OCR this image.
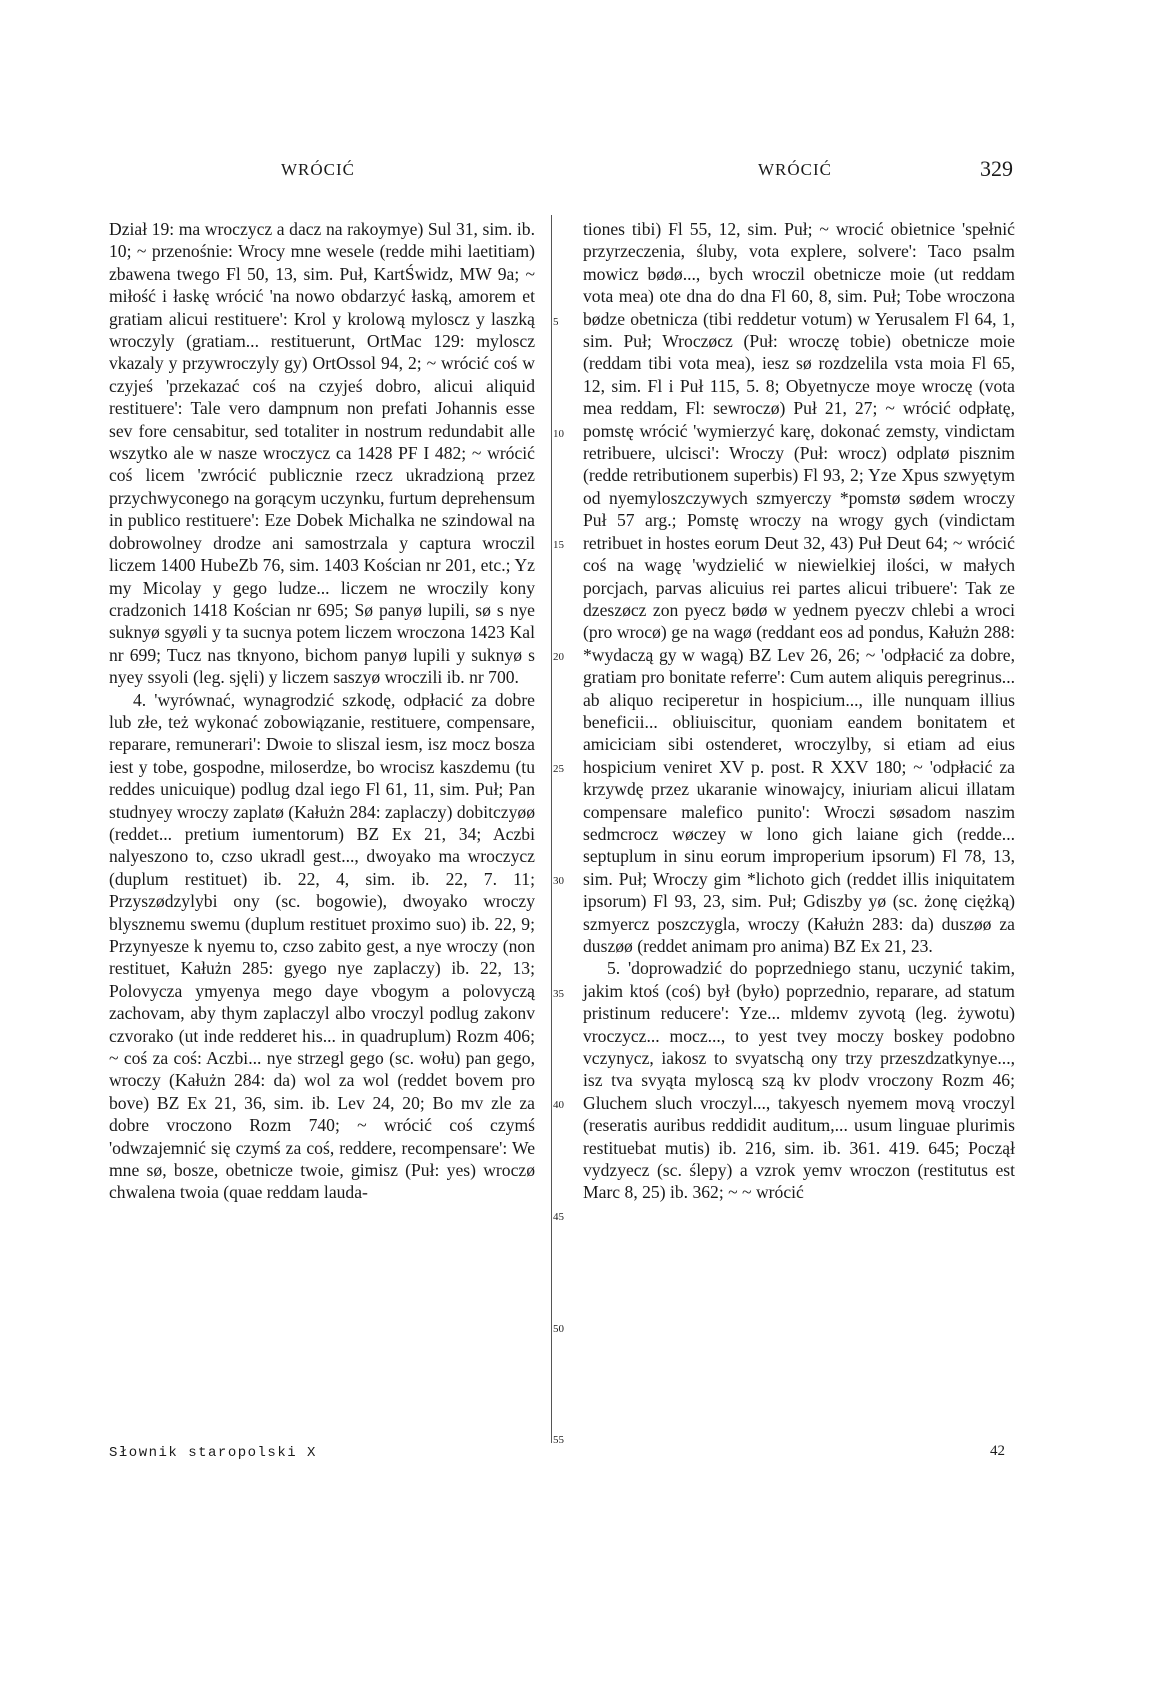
WRÓCIĆ	WRÓCIĆ	329

Dział 19: ma wroczycz a dacz na rakoymye) Sul 31, sim. ib. 10; ~ przenośnie: Wrocy mne wesele (redde mihi laetitiam) zbawena twego Fl 50, 13, sim. Puł, KartŚwidz, MW 9a; ~ miłość i łaskę wrócić 'na nowo obdarzyć łaską, amorem et gratiam alicui restituere': Krol y krolową myloscz y laszką wroczyly (gratiam... restituerunt, OrtMac 129: myloscz vkazaly y przywroczyly gy) OrtOssol 94, 2; ~ wrócić coś w czyjeś 'przekazać coś na czyjeś dobro, alicui aliquid restituere': Tale vero dampnum non prefati Johannis esse sev fore censabitur, sed totaliter in nostrum redundabit alle wszytko ale w nasze wroczycz ca 1428 PF I 482; ~ wrócić coś licem 'zwrócić publicznie rzecz ukradzioną przez przychwyconego na gorącym uczynku, furtum deprehensum in publico restituere': Eze Dobek Michalka ne szindowal na dobrowolney drodze ani samostrzala y captura wroczil liczem 1400 HubeZb 76, sim. 1403 Kościan nr 201, etc.; Yz my Micolay y gego ludze... liczem ne wroczily kony cradzonich 1418 Kościan nr 695; Sø panyø lupili, sø s nye suknyø sgyøli y ta sucnya potem liczem wroczona 1423 Kal nr 699; Tucz nas tknyono, bichom panyø lupili y suknyø s nyey ssyoli (leg. sjęli) y liczem saszyø wroczili ib. nr 700.

4. 'wyrównać, wynagrodzić szkodę, odpłacić za dobre lub złe, też wykonać zobowiązanie, restituere, compensare, reparare, remunerari': Dwoie to sliszal iesm, isz mocz bosza iest y tobe, gospodne, miloserdze, bo wrocisz kaszdemu (tu reddes unicuique) podlug dzal iego Fl 61, 11, sim. Puł; Pan studnyey wroczy zaplatø (Kałużn 284: zaplaczy) dobitczyøø (reddet... pretium iumentorum) BZ Ex 21, 34; Aczbi nalyeszono to, czso ukradl gest..., dwoyako ma wroczycz (duplum restituet) ib. 22, 4, sim. ib. 22, 7. 11; Przyszødzylybi ony (sc. bogowie), dwoyako wroczy blysznemu swemu (duplum restituet proximo suo) ib. 22, 9; Przynyesze k nyemu to, czso zabito gest, a nye wroczy (non restituet, Kałużn 285: gyego nye zaplaczy) ib. 22, 13; Polovycza ymyenya mego daye vbogym a polovyczą zachovam, aby thym zaplaczyl albo vroczyl podlug zakonv czvorako (ut inde redderet his... in quadruplum) Rozm 406; ~ coś za coś: Aczbi... nye strzegl gego (sc. wołu) pan gego, wroczy (Kałużn 284: da) wol za wol (reddet bovem pro bove) BZ Ex 21, 36, sim. ib. Lev 24, 20; Bo mv zle za dobre vroczono Rozm 740; ~ wrócić coś czymś 'odwzajemnić się czymś za coś, reddere, recompensare': We mne sø, bosze, obetnicze twoie, gimisz (Puł: yes) wroczø chwalena twoia (quae reddam lauda-

5
10
15
20
25
30
35
40
45
50
55

tiones tibi) Fl 55, 12, sim. Puł; ~ wrocić obietnice 'spełnić przyrzeczenia, śluby, vota explere, solvere': Taco psalm mowicz bødø..., bych wroczil obetnicze moie (ut reddam vota mea) ote dna do dna Fl 60, 8, sim. Puł; Tobe wroczona bødze obetnicza (tibi reddetur votum) w Yerusalem Fl 64, 1, sim. Puł; Wroczøcz (Puł: wroczę tobie) obetnicze moie (reddam tibi vota mea), iesz sø rozdzelila vsta moia Fl 65, 12, sim. Fl i Puł 115, 5. 8; Obyetnycze moye wroczę (vota mea reddam, Fl: sewroczø) Puł 21, 27; ~ wrócić odpłatę, pomstę wrócić 'wymierzyć karę, dokonać zemsty, vindictam retribuere, ulcisci': Wroczy (Puł: wrocz) odplatø pisznim (redde retributionem superbis) Fl 93, 2; Yze Xpus szwyętym od nyemyloszczywych szmyerczy *pomstø sødem wroczy Puł 57 arg.; Pomstę wroczy na wrogy gych (vindictam retribuet in hostes eorum Deut 32, 43) Puł Deut 64; ~ wrócić coś na wagę 'wydzielić w niewielkiej ilości, w małych porcjach, parvas alicuius rei partes alicui tribuere': Tak ze dzeszøcz zon pyecz bødø w yednem pyeczv chlebi a wroci (pro wrocø) ge na wagø (reddant eos ad pondus, Kałużn 288: *wydaczą gy w wagą) BZ Lev 26, 26; ~ 'odpłacić za dobre, gratiam pro bonitate referre': Cum autem aliquis peregrinus... ab aliquo reciperetur in hospicium..., ille nunquam illius beneficii... obliuiscitur, quoniam eandem bonitatem et amiciciam sibi ostenderet, wroczylby, si etiam ad eius hospicium veniret XV p. post. R XXV 180; ~ 'odpłacić za krzywdę przez ukaranie winowajcy, iniuriam alicui illatam compensare malefico punito': Wroczi søsadom naszim sedmcrocz wøczey w lono gich laiane gich (redde... septuplum in sinu eorum improperium ipsorum) Fl 78, 13, sim. Puł; Wroczy gim *lichoto gich (reddet illis iniquitatem ipsorum) Fl 93, 23, sim. Puł; Gdiszby yø (sc. żonę ciężką) szmyercz poszczygla, wroczy (Kałużn 283: da) duszøø za duszøø (reddet animam pro anima) BZ Ex 21, 23.

5. 'doprowadzić do poprzedniego stanu, uczynić takim, jakim ktoś (coś) był (było) poprzednio, reparare, ad statum pristinum reducere': Yze... mldemv zyvotą (leg. żywotu) vroczycz... mocz..., to yest tvey moczy boskey podobno vczynycz, iakosz to svyatschą ony trzy przeszdzatkynye..., isz tva svyąta myloscą szą kv plodv vroczony Rozm 46; Gluchem sluch vroczyl..., takyesch nyemem movą vroczyl (reseratis auribus reddidit auditum,... usum linguae plurimis restituebat mutis) ib. 216, sim. ib. 361. 419. 645; Począł vydzyecz (sc. ślepy) a vzrok yemv wroczon (restitutus est Marc 8, 25) ib. 362; ~ ~ wrócić

Słownik staropolski X	42
